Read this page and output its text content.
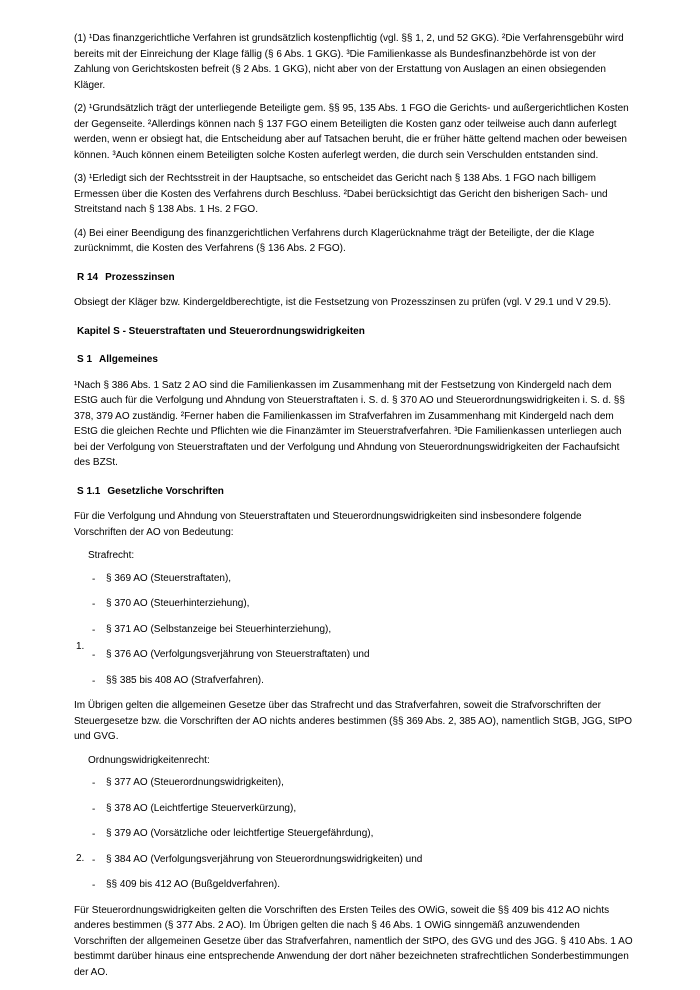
(1) ¹Das finanzgerichtliche Verfahren ist grundsätzlich kostenpflichtig (vgl. §§ 1, 2, und 52 GKG). ²Die Verfahrensgebühr wird bereits mit der Einreichung der Klage fällig (§ 6 Abs. 1 GKG). ³Die Familienkasse als Bundesfinanzbehörde ist von der Zahlung von Gerichtskosten befreit (§ 2 Abs. 1 GKG), nicht aber von der Erstattung von Auslagen an einen obsiegenden Kläger.

(2) ¹Grundsätzlich trägt der unterliegende Beteiligte gem. §§ 95, 135 Abs. 1 FGO die Gerichts- und außergerichtlichen Kosten der Gegenseite. ²Allerdings können nach § 137 FGO einem Beteiligten die Kosten ganz oder teilweise auch dann auferlegt werden, wenn er obsiegt hat, die Entscheidung aber auf Tatsachen beruht, die er früher hätte geltend machen oder beweisen können. ³Auch können einem Beteiligten solche Kosten auferlegt werden, die durch sein Verschulden entstanden sind.

(3) ¹Erledigt sich der Rechtsstreit in der Hauptsache, so entscheidet das Gericht nach § 138 Abs. 1 FGO nach billigem Ermessen über die Kosten des Verfahrens durch Beschluss. ²Dabei berücksichtigt das Gericht den bisherigen Sach- und Streitstand nach § 138 Abs. 1 Hs. 2 FGO.

(4) Bei einer Beendigung des finanzgerichtlichen Verfahrens durch Klagerücknahme trägt der Beteiligte, der die Klage zurücknimmt, die Kosten des Verfahrens (§ 136 Abs. 2 FGO).

R 14 Prozesszinsen

Obsiegt der Kläger bzw. Kindergeldberechtigte, ist die Festsetzung von Prozesszinsen zu prüfen (vgl. V 29.1 und V 29.5).

Kapitel S - Steuerstraftaten und Steuerordnungswidrigkeiten
S 1 Allgemeines

¹Nach § 386 Abs. 1 Satz 2 AO sind die Familienkassen im Zusammenhang mit der Festsetzung von Kindergeld nach dem EStG auch für die Verfolgung und Ahndung von Steuerstraftaten i. S. d. § 370 AO und Steuerordnungswidrigkeiten i. S. d. §§ 378, 379 AO zuständig. ²Ferner haben die Familienkassen im Strafverfahren im Zusammenhang mit Kindergeld nach dem EStG die gleichen Rechte und Pflichten wie die Finanzämter im Steuerstrafverfahren. ³Die Familienkassen unterliegen auch bei der Verfolgung von Steuerstraftaten und der Verfolgung und Ahndung von Steuerordnungswidrigkeiten der Fachaufsicht des BZSt.

S 1.1 Gesetzliche Vorschriften

Für die Verfolgung und Ahndung von Steuerstraftaten und Steuerordnungswidrigkeiten sind insbesondere folgende Vorschriften der AO von Bedeutung:

Strafrecht:

1.
-	§ 369 AO (Steuerstraftaten),
-	§ 370 AO (Steuerhinterziehung),
-	§ 371 AO (Selbstanzeige bei Steuerhinterziehung),
-	§ 376 AO (Verfolgungsverjährung von Steuerstraftaten) und
-	§§ 385 bis 408 AO (Strafverfahren).

Im Übrigen gelten die allgemeinen Gesetze über das Strafrecht und das Strafverfahren, soweit die Strafvorschriften der Steuergesetze bzw. die Vorschriften der AO nichts anderes bestimmen (§§ 369 Abs. 2, 385 AO), namentlich StGB, JGG, StPO und GVG.

Ordnungswidrigkeitenrecht:

2.
-	§ 377 AO (Steuerordnungswidrigkeiten),
-	§ 378 AO (Leichtfertige Steuerverkürzung),
-	§ 379 AO (Vorsätzliche oder leichtfertige Steuergefährdung),
-	§ 384 AO (Verfolgungsverjährung von Steuerordnungswidrigkeiten) und
-	§§ 409 bis 412 AO (Bußgeldverfahren).

Für Steuerordnungswidrigkeiten gelten die Vorschriften des Ersten Teiles des OWiG, soweit die §§ 409 bis 412 AO nichts anderes bestimmen (§ 377 Abs. 2 AO). Im Übrigen gelten die nach § 46 Abs. 1 OWiG sinngemäß anzuwendenden Vorschriften der allgemeinen Gesetze über das Strafverfahren, namentlich der StPO, des GVG und des JGG. § 410 Abs. 1 AO bestimmt darüber hinaus eine entsprechende Anwendung der dort näher bezeichneten strafrechtlichen Sonderbestimmungen der AO.
